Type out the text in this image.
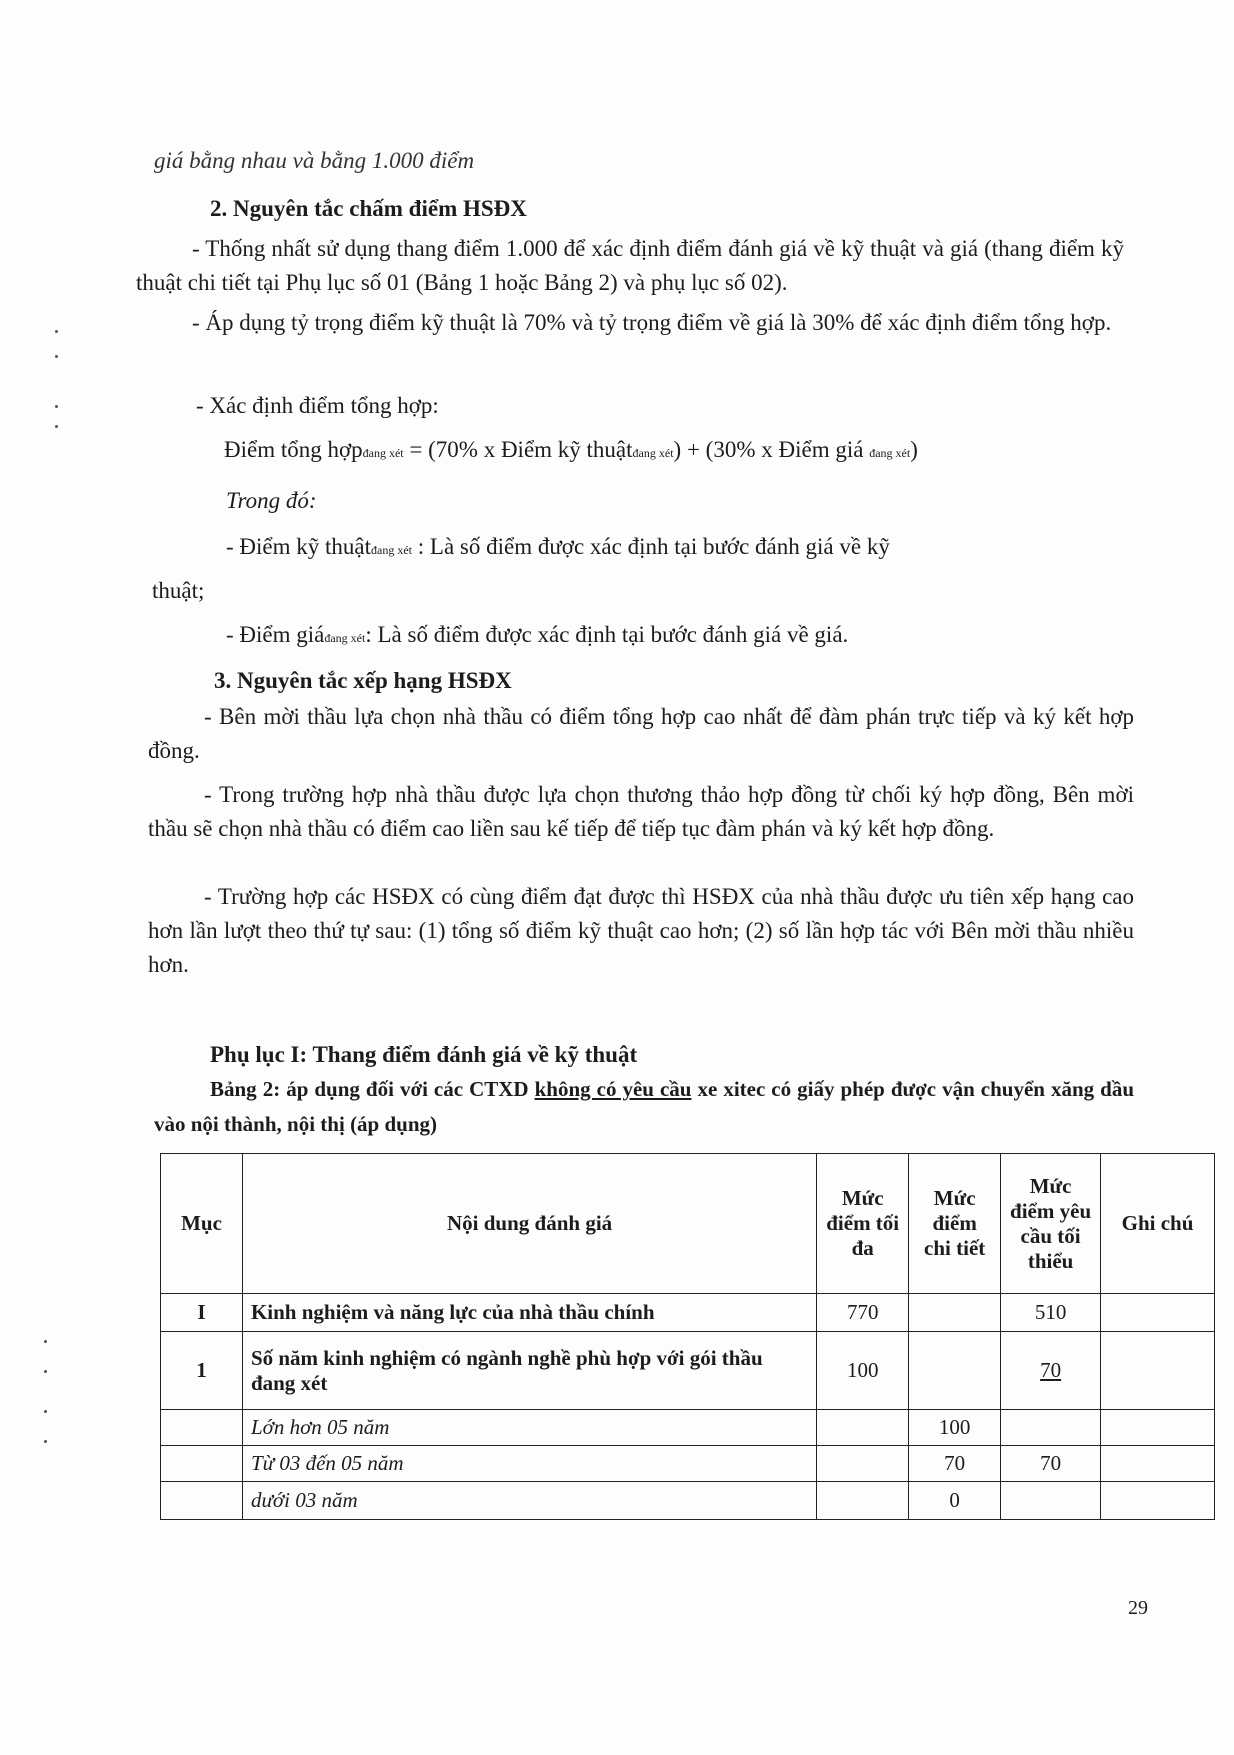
giá bằng nhau và bằng 1.000 điểm
2. Nguyên tắc chấm điểm HSĐX
- Thống nhất sử dụng thang điểm 1.000 để xác định điểm đánh giá về kỹ thuật và giá (thang điểm kỹ thuật chi tiết tại Phụ lục số 01 (Bảng 1 hoặc Bảng 2) và phụ lục số 02).
- Áp dụng tỷ trọng điểm kỹ thuật là 70% và tỷ trọng điểm về giá là 30% để xác định điểm tổng hợp.
- Xác định điểm tổng hợp:
Điểm tổng hợpđang xét = (70% x Điểm kỹ thuậtđang xét) + (30% x Điểm giá đang xét)
Trong đó:
- Điểm kỹ thuậtđang xét : Là số điểm được xác định tại bước đánh giá về kỹ
thuật;
- Điểm giáđang xét: Là số điểm được xác định tại bước đánh giá về giá.
3. Nguyên tắc xếp hạng HSĐX
- Bên mời thầu lựa chọn nhà thầu có điểm tổng hợp cao nhất để đàm phán trực tiếp và ký kết hợp đồng.
- Trong trường hợp nhà thầu được lựa chọn thương thảo hợp đồng từ chối ký hợp đồng, Bên mời thầu sẽ chọn nhà thầu có điểm cao liền sau kế tiếp để tiếp tục đàm phán và ký kết hợp đồng.
- Trường hợp các HSĐX có cùng điểm đạt được thì HSĐX của nhà thầu được ưu tiên xếp hạng cao hơn lần lượt theo thứ tự sau: (1) tổng số điểm kỹ thuật cao hơn; (2) số lần hợp tác với Bên mời thầu nhiều hơn.
Phụ lục I: Thang điểm đánh giá về kỹ thuật
Bảng 2: áp dụng đối với các CTXD không có yêu cầu xe xitec có giấy phép được vận chuyển xăng dầu vào nội thành, nội thị (áp dụng)
Mục	Nội dung đánh giá	Mức điểm tối đa	Mức điểm chi tiết	Mức điểm yêu cầu tối thiểu	Ghi chú
I	Kinh nghiệm và năng lực của nhà thầu chính	770		510	
1	Số năm kinh nghiệm có ngành nghề phù hợp với gói thầu đang xét	100		70	
	Lớn hơn 05 năm		100		
	Từ 03 đến 05 năm		70	70	
	dưới 03 năm		0		
29
